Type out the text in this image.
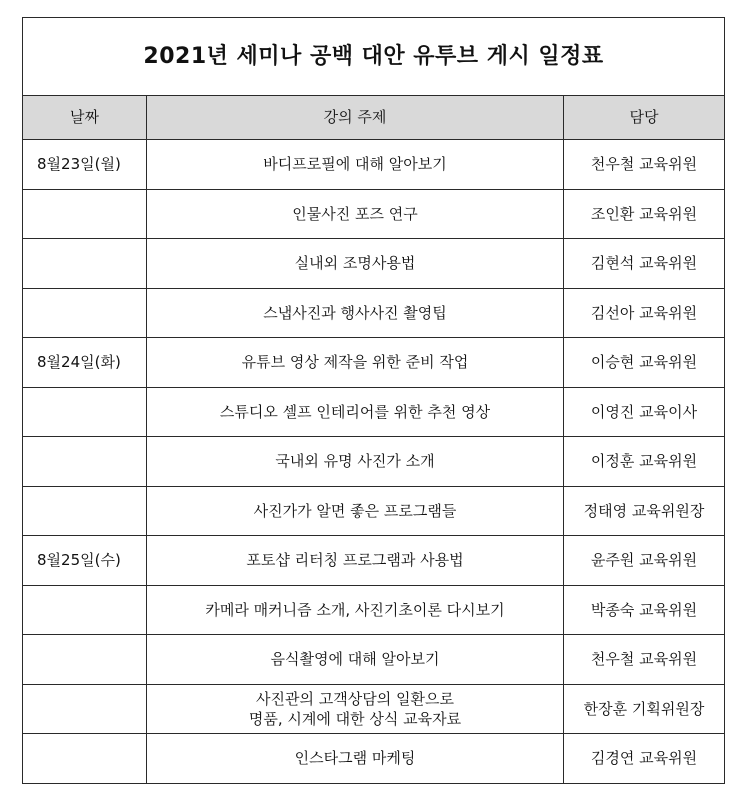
2021년 세미나 공백 대안 유투브 게시 일정표		
날짜	강의 주제	담당
8월23일(월)	바디프로필에 대해 알아보기	천우철 교육위원

	인물사진 포즈 연구	조인환 교육위원

	실내외 조명사용법	김현석 교육위원

	스냅사진과 행사사진 촬영팁	김선아 교육위원
8월24일(화)	유튜브 영상 제작을 위한 준비 작업	이승현 교육위원

	스튜디오 셀프 인테리어를 위한 추천 영상	이영진 교육이사

	국내외 유명 사진가 소개	이정훈 교육위원

	사진가가 알면 좋은 프로그램들	정태영 교육위원장
8월25일(수)	포토샵 리터칭 프로그램과 사용법	윤주원 교육위원

	카메라 매커니즘 소개, 사진기초이론 다시보기	박종숙 교육위원

	음식촬영에 대해 알아보기	천우철 교육위원

	사진관의 고객상담의 일환으로
명품, 시계에 대한 상식 교육자료	한장훈 기획위원장

	인스타그램 마케팅	김경연 교육위원
